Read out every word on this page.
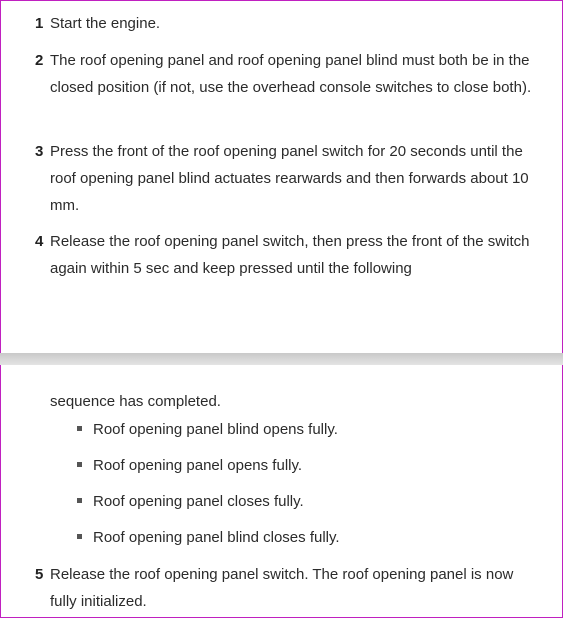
1 Start the engine.
2 The roof opening panel and roof opening panel blind must both be in the closed position (if not, use the overhead console switches to close both).
3 Press the front of the roof opening panel switch for 20 seconds until the roof opening panel blind actuates rearwards and then forwards about 10 mm.
4 Release the roof opening panel switch, then press the front of the switch again within 5 sec and keep pressed until the following
sequence has completed.
Roof opening panel blind opens fully.
Roof opening panel opens fully.
Roof opening panel closes fully.
Roof opening panel blind closes fully.
5 Release the roof opening panel switch. The roof opening panel is now fully initialized.
